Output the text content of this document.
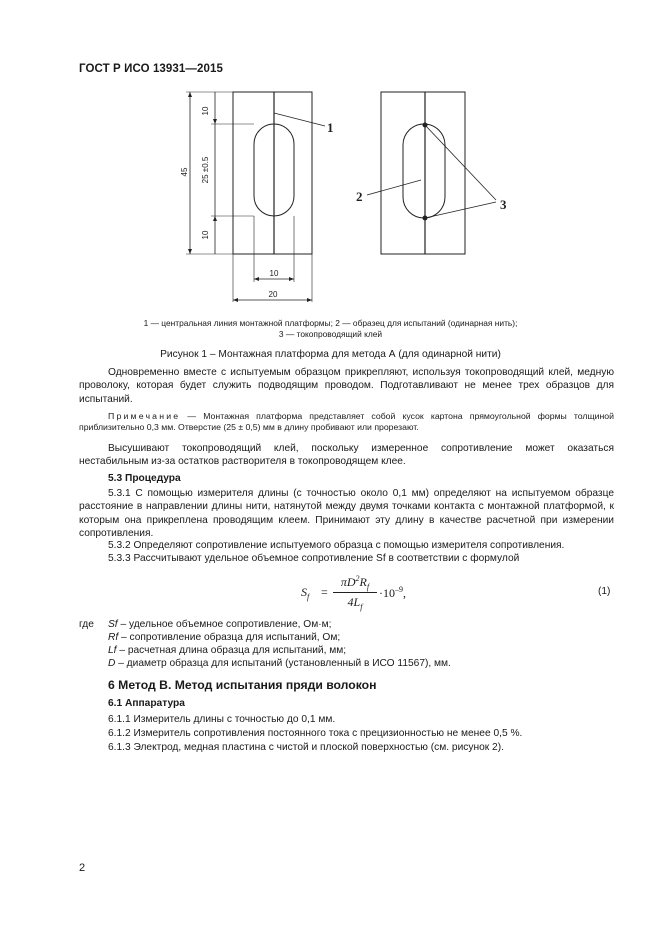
ГОСТ Р ИСО 13931—2015
10
25 ±0.5
10
45
10
20
1
2
3
1 — центральная линия монтажной платформы; 2 — образец для испытаний (одинарная нить);
3 — токопроводящий клей
Рисунок 1 – Монтажная платформа для метода А (для одинарной нити)
Одновременно вместе с испытуемым образцом прикрепляют, используя токопроводящий клей, медную проволоку, которая будет служить подводящим проводом. Подготавливают не менее трех образцов для испытаний.
Примечание — Монтажная платформа представляет собой кусок картона прямоугольной формы толщиной приблизительно 0,3 мм. Отверстие (25 ± 0,5) мм в длину пробивают или прорезают.
Высушивают токопроводящий клей, поскольку измеренное сопротивление может оказаться нестабильным из-за остатков растворителя в токопроводящем клее.
5.3 Процедура
5.3.1 С помощью измерителя длины (с точностью около 0,1 мм) определяют на испытуемом образце расстояние в направлении длины нити, натянутой между двумя точками контакта с монтажной платформой, к которым она прикреплена проводящим клеем. Принимают эту длину в качестве расчетной при измерении сопротивления.
5.3.2 Определяют сопротивление испытуемого образца с помощью измерителя сопротивления.
5.3.3 Рассчитывают удельное объемное сопротивление Sf в соответствии с формулой
$S_f$ =
$\pi D^2R_f$
$4L_f$
$\cdot 10^{-9}$,	(1)
где Sf – удельное объемное сопротивление, Ом·м;
Rf – сопротивление образца для испытаний, Ом;
Lf – расчетная длина образца для испытаний, мм;
D – диаметр образца для испытаний (установленный в ИСО 11567), мм.
6 Метод В. Метод испытания пряди волокон
6.1 Аппаратура
6.1.1 Измеритель длины с точностью до 0,1 мм.
6.1.2 Измеритель сопротивления постоянного тока с прецизионностью не менее 0,5 %.
6.1.3 Электрод, медная пластина с чистой и плоской поверхностью (см. рисунок 2).
2
